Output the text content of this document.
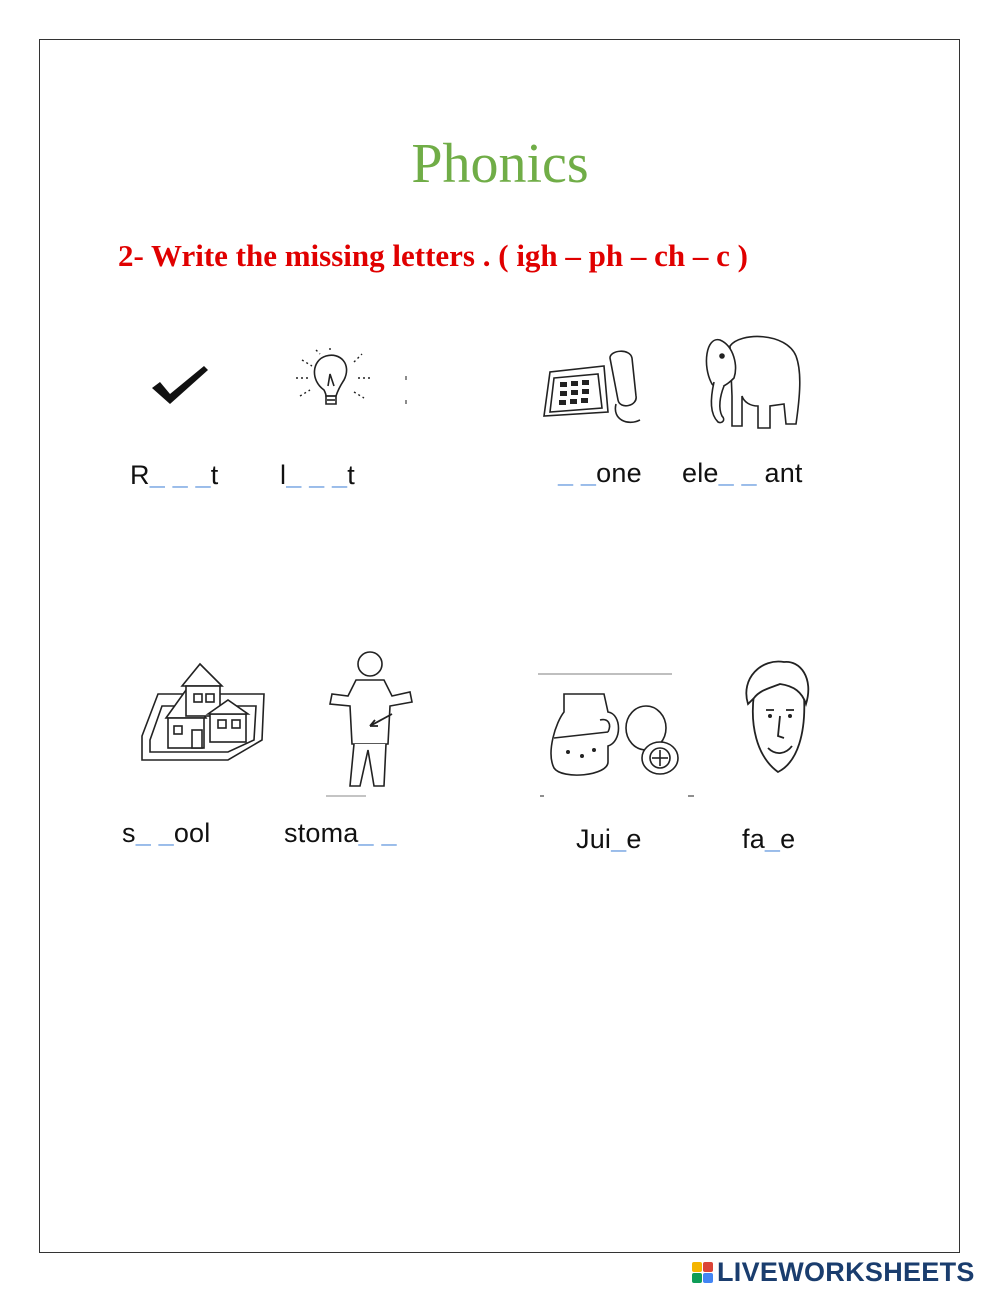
Phonics
2- Write the missing letters . ( igh – ph – ch – c )
R_ _ _t l_ _ _t	_ _one ele_ _ ant
s_ _ool	stoma_ _	Jui_e	fa_e
LIVEWORKSHEETS
